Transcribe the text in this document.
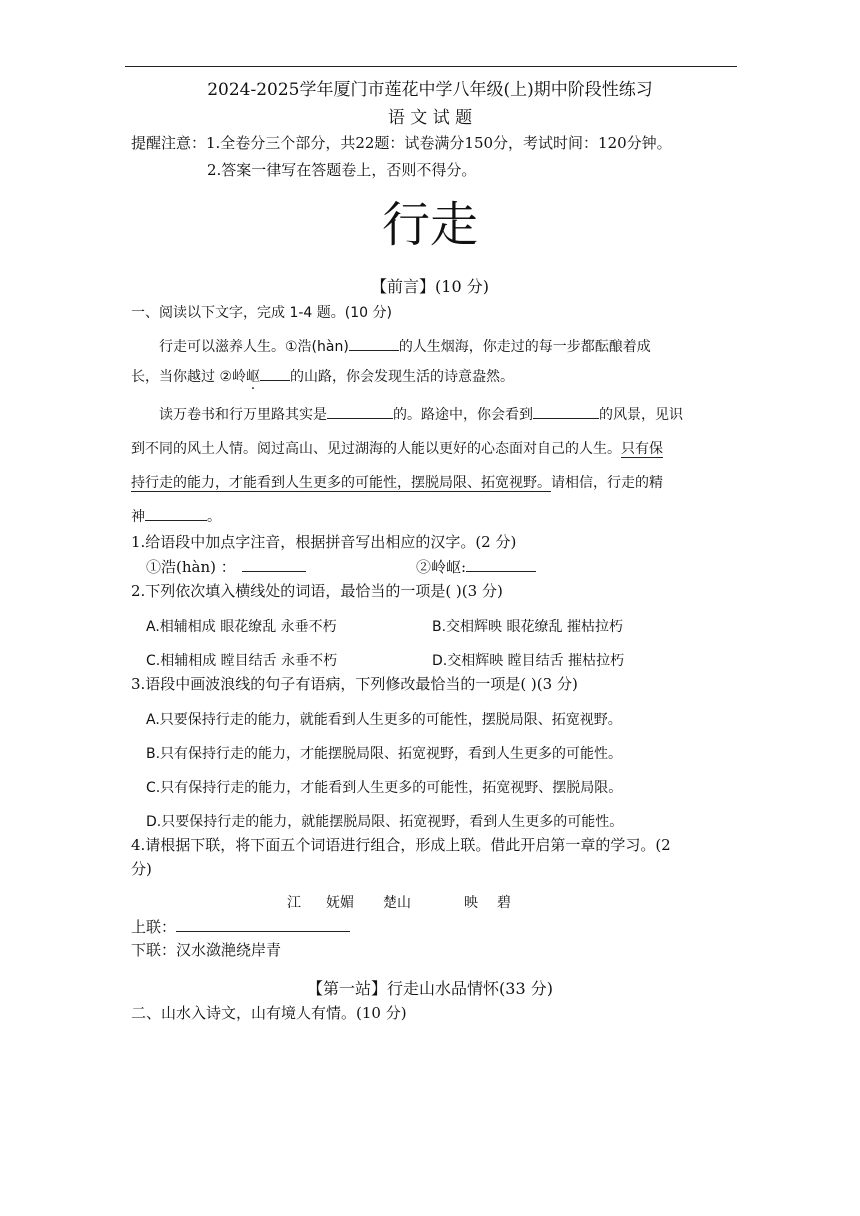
2024-2025学年厦门市莲花中学八年级(上)期中阶段性练习
语 文 试 题
提醒注意：1.全卷分三个部分，共22题：试卷满分150分，考试时间：120分钟。
2.答案一律写在答题卷上，否则不得分。
行走
【前言】(10 分)
一、阅读以下文字，完成 1-4 题。(10 分)
行走可以滋养人生。①浩(hàn)	的人生烟海，你走过的每一步都酝酿着成
长，当你越过 ②岭岖 的山路，你会发现生活的诗意盎然。
读万卷书和行万里路其实是	的。路途中，你会看到	的风景，见识
到不同的风土人情。阅过高山、见过湖海的人能以更好的心态面对自己的人生。只有保
持行走的能力，才能看到人生更多的可能性，摆脱局限、拓宽视野。请相信，行走的精
神	。
1.给语段中加点字注音，根据拼音写出相应的汉字。(2 分)
①浩(hàn) ：	②岭岖:
2.下列依次填入横线处的词语，最恰当的一项是( )(3 分)
A.相辅相成 眼花缭乱 永垂不朽	B.交相辉映 眼花缭乱 摧枯拉朽
C.相辅相成 瞠目结舌 永垂不朽	D.交相辉映 瞠目结舌 摧枯拉朽
3.语段中画波浪线的句子有语病，下列修改最恰当的一项是( )(3 分)
A.只要保持行走的能力，就能看到人生更多的可能性，摆脱局限、拓宽视野。
B.只有保持行走的能力，才能摆脱局限、拓宽视野，看到人生更多的可能性。
C.只有保持行走的能力，才能看到人生更多的可能性，拓宽视野、摆脱局限。
D.只要保持行走的能力，就能摆脱局限、拓宽视野，看到人生更多的可能性。
4.请根据下联，将下面五个词语进行组合，形成上联。借此开启第一章的学习。(2
分)
江 妩媚 楚山	映 碧
上联：
下联：汉水潋滟绕岸青
【第一站】行走山水品情怀(33 分)
二、山水入诗文，山有境人有情。(10 分)
